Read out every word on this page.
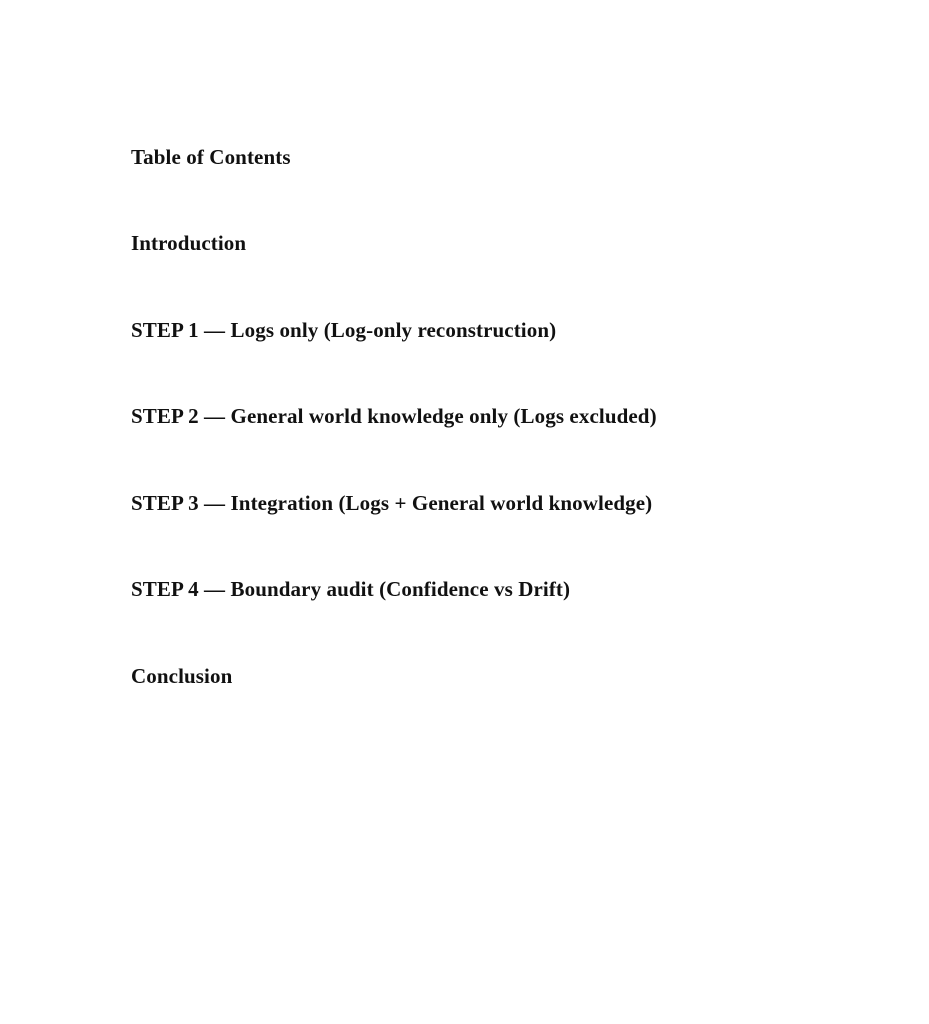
Table of Contents
Introduction
STEP 1 — Logs only (Log-only reconstruction)
STEP 2 — General world knowledge only (Logs excluded)
STEP 3 — Integration (Logs + General world knowledge)
STEP 4 — Boundary audit (Confidence vs Drift)
Conclusion
